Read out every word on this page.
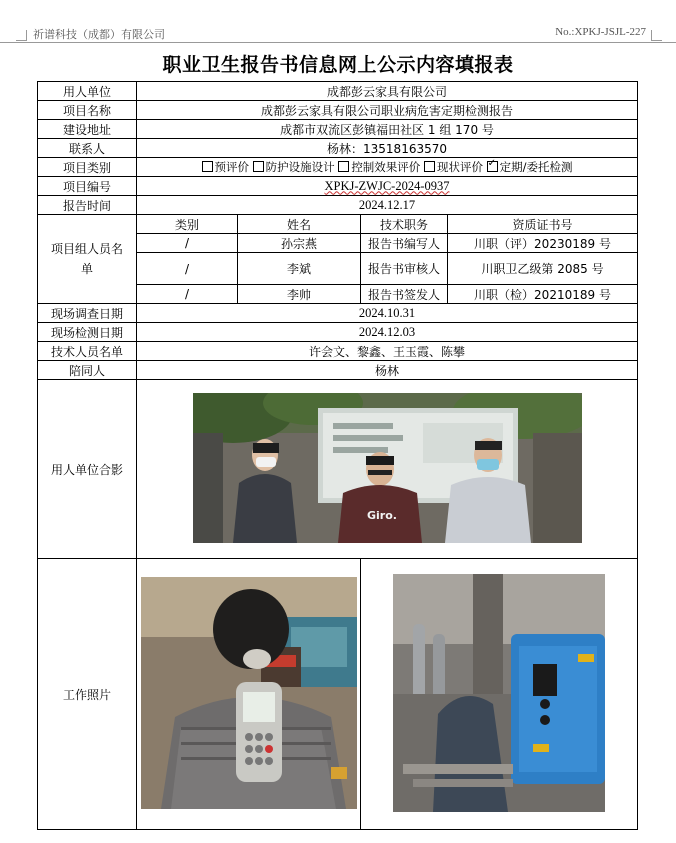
祈谱科技（成都）有限公司	No.:XPKJ-JSJL-227
职业卫生报告书信息网上公示内容填报表
用人单位	成都彭云家具有限公司			
项目名称	成都彭云家具有限公司职业病危害定期检测报告			
建设地址	成都市双流区彭镇福田社区 1 组 170 号			
联系人	杨林：13518163570			
项目类别	预评价 防护设施设计 控制效果评价 现状评价 ✓ 定期/委托检测
项目编号	XPKJ-ZWJC-2024-0937			
报告时间	2024.12.17			
项目组人员名单	类别	姓名	技术职务	资质证书号
	/	孙宗燕	报告书编写人	川职（评）20230189 号
	/	李斌	报告书审核人	川职卫乙级第 2085 号
	/	李帅	报告书签发人	川职（检）20210189 号
现场调查日期	2024.10.31			
现场检测日期	2024.12.03			
技术人员名单	许会文、黎鑫、王玉霞、陈攀			
陪同人	杨林			
用人单位合影	Giro.			

工作照片		
